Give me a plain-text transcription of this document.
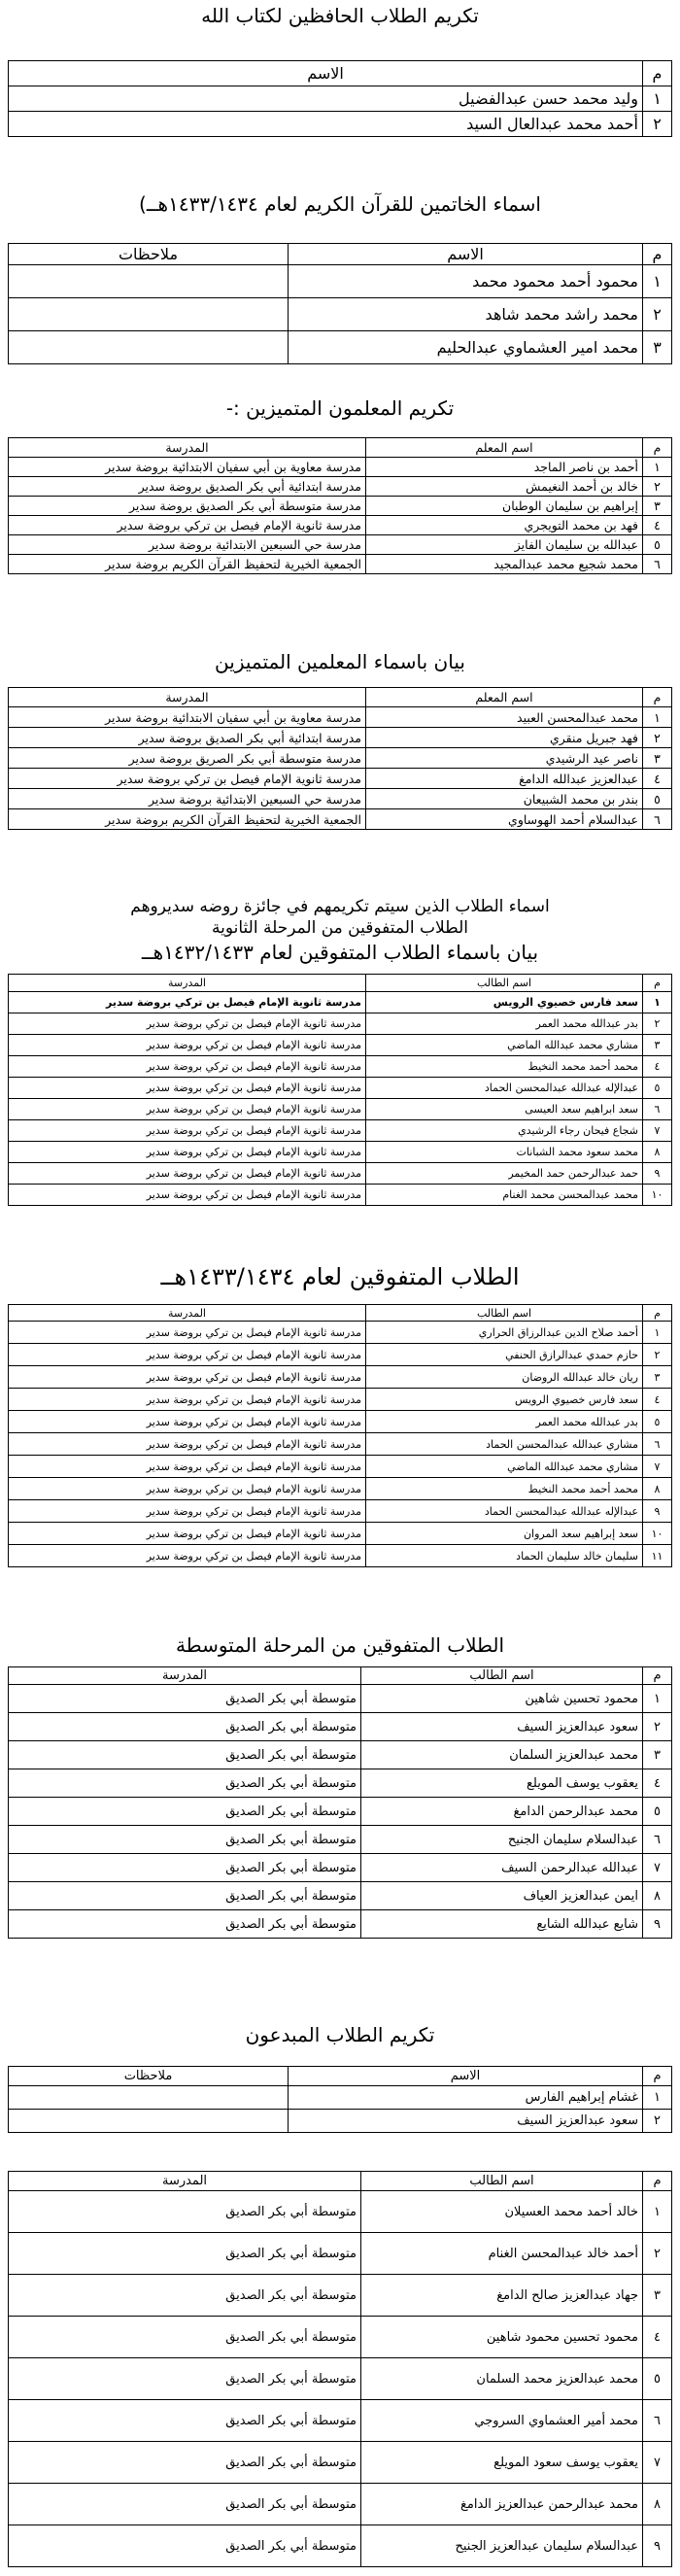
تكريم الطلاب الحافظين لكتاب الله
م	الاسم
١	وليد محمد حسن عبدالفضيل
٢	أحمد محمد عبدالعال السيد
اسماء الخاتمين للقرآن الكريم لعام ١٤٣٣/١٤٣٤هــ)
م	الاسم	ملاحظات
١	محمود أحمد محمود محمد	
٢	محمد راشد محمد شاهد	
٣	محمد امير العشماوي عبدالحليم	
تكريم المعلمون المتميزين :-
م	اسم المعلم	المدرسة
١	أحمد بن ناصر الماجد	مدرسة معاوية بن أبي سفيان الابتدائية بروضة سدير
٢	خالد بن أحمد النغيمش	مدرسة ابتدائية أبي بكر الصديق بروضة سدير
٣	إبراهيم بن سليمان الوطبان	مدرسة متوسطة أبي بكر الصديق بروضة سدير
٤	فهد بن محمد التويجري	مدرسة ثانوية الإمام فيصل بن تركي بروضة سدير
٥	عبدالله بن سليمان الفايز	مدرسة حي السبعين الابتدائية بروضة سدير
٦	محمد شجيع محمد عبدالمجيد	الجمعية الخيرية لتحفيظ القرآن الكريم بروضة سدير
بيان باسماء المعلمين المتميزين
م	اسم المعلم	المدرسة
١	محمد عبدالمحسن العبيد	مدرسة معاوية بن أبي سفيان الابتدائية بروضة سدير
٢	فهد جبريل منقري	مدرسة ابتدائية أبي بكر الصديق بروضة سدير
٣	ناصر عيد الرشيدي	مدرسة متوسطة أبي بكر الصريق بروضة سدير
٤	عبدالعزيز عبدالله الدامغ	مدرسة ثانوية الإمام فيصل بن تركي بروضة سدير
٥	بندر بن محمد الشبيعان	مدرسة حي السبعين الابتدائية بروضة سدير
٦	عبدالسلام أحمد الهوساوي	الجمعية الخيرية لتحفيظ القرآن الكريم بروضة سدير
اسماء الطلاب الذين سيتم تكريمهم في جائزة روضه سديروهم
الطلاب المتفوقين من المرحلة الثانوية
بيان باسماء الطلاب المتفوقين لعام ١٤٣٢/١٤٣٣هــ
م	اسم الطالب	المدرسة
١	سعد فارس خصيوي الرويس	مدرسة ثانوية الإمام فيصل بن تركي بروضة سدير
٢	بدر عبدالله محمد العمر	مدرسة ثانوية الإمام فيصل بن تركي بروضة سدير
٣	مشاري محمد عبدالله الماضي	مدرسة ثانوية الإمام فيصل بن تركي بروضة سدير
٤	محمد أحمد محمد النخيط	مدرسة ثانوية الإمام فيصل بن تركي بروضة سدير
٥	عبدالإله عبدالله عبدالمحسن الحماد	مدرسة ثانوية الإمام فيصل بن تركي بروضة سدير
٦	سعد ابراهيم سعد العيسى	مدرسة ثانوية الإمام فيصل بن تركي بروضة سدير
٧	شجاع فيحان رجاء الرشيدي	مدرسة ثانوية الإمام فيصل بن تركي بروضة سدير
٨	محمد سعود محمد الشبانات	مدرسة ثانوية الإمام فيصل بن تركي بروضة سدير
٩	حمد عبدالرحمن حمد المخيمر	مدرسة ثانوية الإمام فيصل بن تركي بروضة سدير
١٠	محمد عبدالمحسن محمد الغنام	مدرسة ثانوية الإمام فيصل بن تركي بروضة سدير
الطلاب المتفوقين لعام ١٤٣٣/١٤٣٤هــ
م	اسم الطالب	المدرسة
١	أحمد صلاح الدين عبدالرزاق الحراري	مدرسة ثانوية الإمام فيصل بن تركي بروضة سدير
٢	حازم حمدي عبدالرازق الحنفي	مدرسة ثانوية الإمام فيصل بن تركي بروضة سدير
٣	ريان خالد عبدالله الروضان	مدرسة ثانوية الإمام فيصل بن تركي بروضة سدير
٤	سعد فارس خصيوي الرويس	مدرسة ثانوية الإمام فيصل بن تركي بروضة سدير
٥	بدر عبدالله محمد العمر	مدرسة ثانوية الإمام فيصل بن تركي بروضة سدير
٦	مشاري عبدالله عبدالمحسن الحماد	مدرسة ثانوية الإمام فيصل بن تركي بروضة سدير
٧	مشاري محمد عبدالله الماضي	مدرسة ثانوية الإمام فيصل بن تركي بروضة سدير
٨	محمد أحمد محمد النخيط	مدرسة ثانوية الإمام فيصل بن تركي بروضة سدير
٩	عبدالإله عبدالله عبدالمحسن الحماد	مدرسة ثانوية الإمام فيصل بن تركي بروضة سدير
١٠	سعد إبراهيم سعد المروان	مدرسة ثانوية الإمام فيصل بن تركي بروضة سدير
١١	سليمان خالد سليمان الحماد	مدرسة ثانوية الإمام فيصل بن تركي بروضة سدير
الطلاب المتفوقين من المرحلة المتوسطة
م	اسم الطالب	المدرسة
١	محمود تحسين شاهين	متوسطة أبي بكر الصديق
٢	سعود عبدالعزيز السيف	متوسطة أبي بكر الصديق
٣	محمد عبدالعزيز السلمان	متوسطة أبي بكر الصديق
٤	يعقوب يوسف المويلع	متوسطة أبي بكر الصديق
٥	محمد عبدالرحمن الدامغ	متوسطة أبي بكر الصديق
٦	عبدالسلام سليمان الجنيح	متوسطة أبي بكر الصديق
٧	عبدالله عبدالرحمن السيف	متوسطة أبي بكر الصديق
٨	ايمن عبدالعزيز العياف	متوسطة أبي بكر الصديق
٩	شايع عبدالله الشايع	متوسطة أبي بكر الصديق
تكريم الطلاب المبدعون
م	الاسم	ملاحظات
١	غشام إبراهيم الفارس	
٢	سعود عبدالعزيز السيف	
م	اسم الطالب	المدرسة
١	خالد أحمد محمد العسيلان	متوسطة أبي بكر الصديق
٢	أحمد خالد عبدالمحسن الغنام	متوسطة أبي بكر الصديق
٣	جهاد عبدالعزيز صالح الدامغ	متوسطة أبي بكر الصديق
٤	محمود تحسين محمود شاهين	متوسطة أبي بكر الصديق
٥	محمد عبدالعزيز محمد السلمان	متوسطة أبي بكر الصديق
٦	محمد أمير العشماوي السروجي	متوسطة أبي بكر الصديق
٧	يعقوب يوسف سعود المويلع	متوسطة أبي بكر الصديق
٨	محمد عبدالرحمن عبدالعزيز الدامغ	متوسطة أبي بكر الصديق
٩	عبدالسلام سليمان عبدالعزيز الجنيح	متوسطة أبي بكر الصديق
